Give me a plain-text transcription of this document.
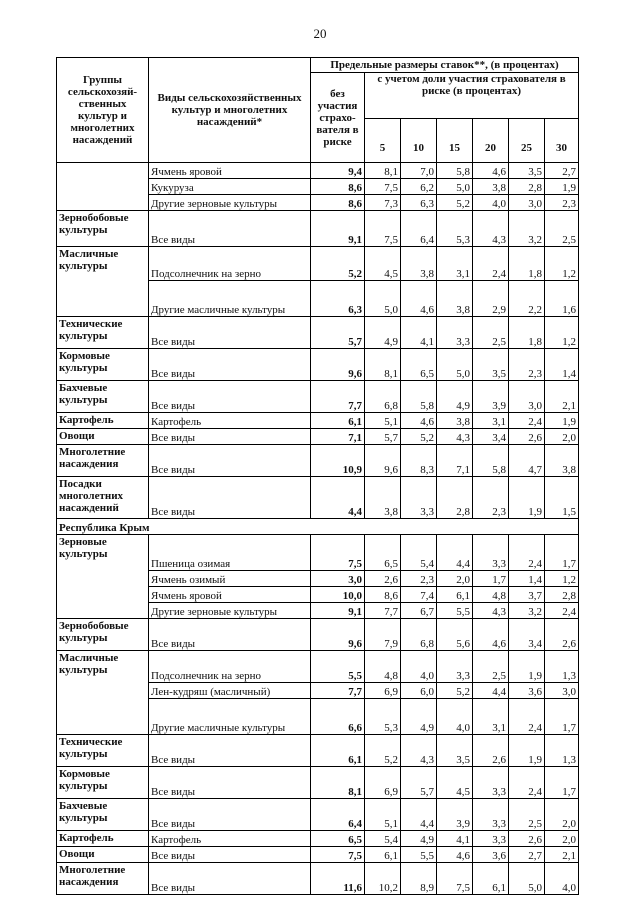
20
Группы сельскохозяй-ственных культур и многолетних насаждений	Виды сельскохозяйственных культур и многолетних насаждений*	Предельные размеры ставок**, (в процентах)						
		без участия страхо-вателя в риске	с учетом доли участия страхователя в риске (в процентах)					
			5	10	15	20	25	30
	Ячмень яровой	9,4	8,1	7,0	5,8	4,6	3,5	2,7
	Кукуруза	8,6	7,5	6,2	5,0	3,8	2,8	1,9
	Другие зерновые культуры	8,6	7,3	6,3	5,2	4,0	3,0	2,3
Зернобобовые культуры	Все виды	9,1	7,5	6,4	5,3	4,3	3,2	2,5
Масличные культуры	Подсолнечник на зерно	5,2	4,5	3,8	3,1	2,4	1,8	1,2
	Другие масличные культуры	6,3	5,0	4,6	3,8	2,9	2,2	1,6
Технические культуры	Все виды	5,7	4,9	4,1	3,3	2,5	1,8	1,2
Кормовые культуры	Все виды	9,6	8,1	6,5	5,0	3,5	2,3	1,4
Бахчевые культуры	Все виды	7,7	6,8	5,8	4,9	3,9	3,0	2,1
Картофель	Картофель	6,1	5,1	4,6	3,8	3,1	2,4	1,9
Овощи	Все виды	7,1	5,7	5,2	4,3	3,4	2,6	2,0
Многолетние насаждения	Все виды	10,9	9,6	8,3	7,1	5,8	4,7	3,8
Посадки многолетних насаждений	Все виды	4,4	3,8	3,3	2,8	2,3	1,9	1,5
Республика Крым								
Зерновые культуры	Пшеница озимая	7,5	6,5	5,4	4,4	3,3	2,4	1,7
	Ячмень озимый	3,0	2,6	2,3	2,0	1,7	1,4	1,2
	Ячмень яровой	10,0	8,6	7,4	6,1	4,8	3,7	2,8
	Другие зерновые культуры	9,1	7,7	6,7	5,5	4,3	3,2	2,4
Зернобобовые культуры	Все виды	9,6	7,9	6,8	5,6	4,6	3,4	2,6
Масличные культуры	Подсолнечник на зерно	5,5	4,8	4,0	3,3	2,5	1,9	1,3
	Лен-кудряш (масличный)	7,7	6,9	6,0	5,2	4,4	3,6	3,0
	Другие масличные культуры	6,6	5,3	4,9	4,0	3,1	2,4	1,7
Технические культуры	Все виды	6,1	5,2	4,3	3,5	2,6	1,9	1,3
Кормовые культуры	Все виды	8,1	6,9	5,7	4,5	3,3	2,4	1,7
Бахчевые культуры	Все виды	6,4	5,1	4,4	3,9	3,3	2,5	2,0
Картофель	Картофель	6,5	5,4	4,9	4,1	3,3	2,6	2,0
Овощи	Все виды	7,5	6,1	5,5	4,6	3,6	2,7	2,1
Многолетние насаждения	Все виды	11,6	10,2	8,9	7,5	6,1	5,0	4,0
